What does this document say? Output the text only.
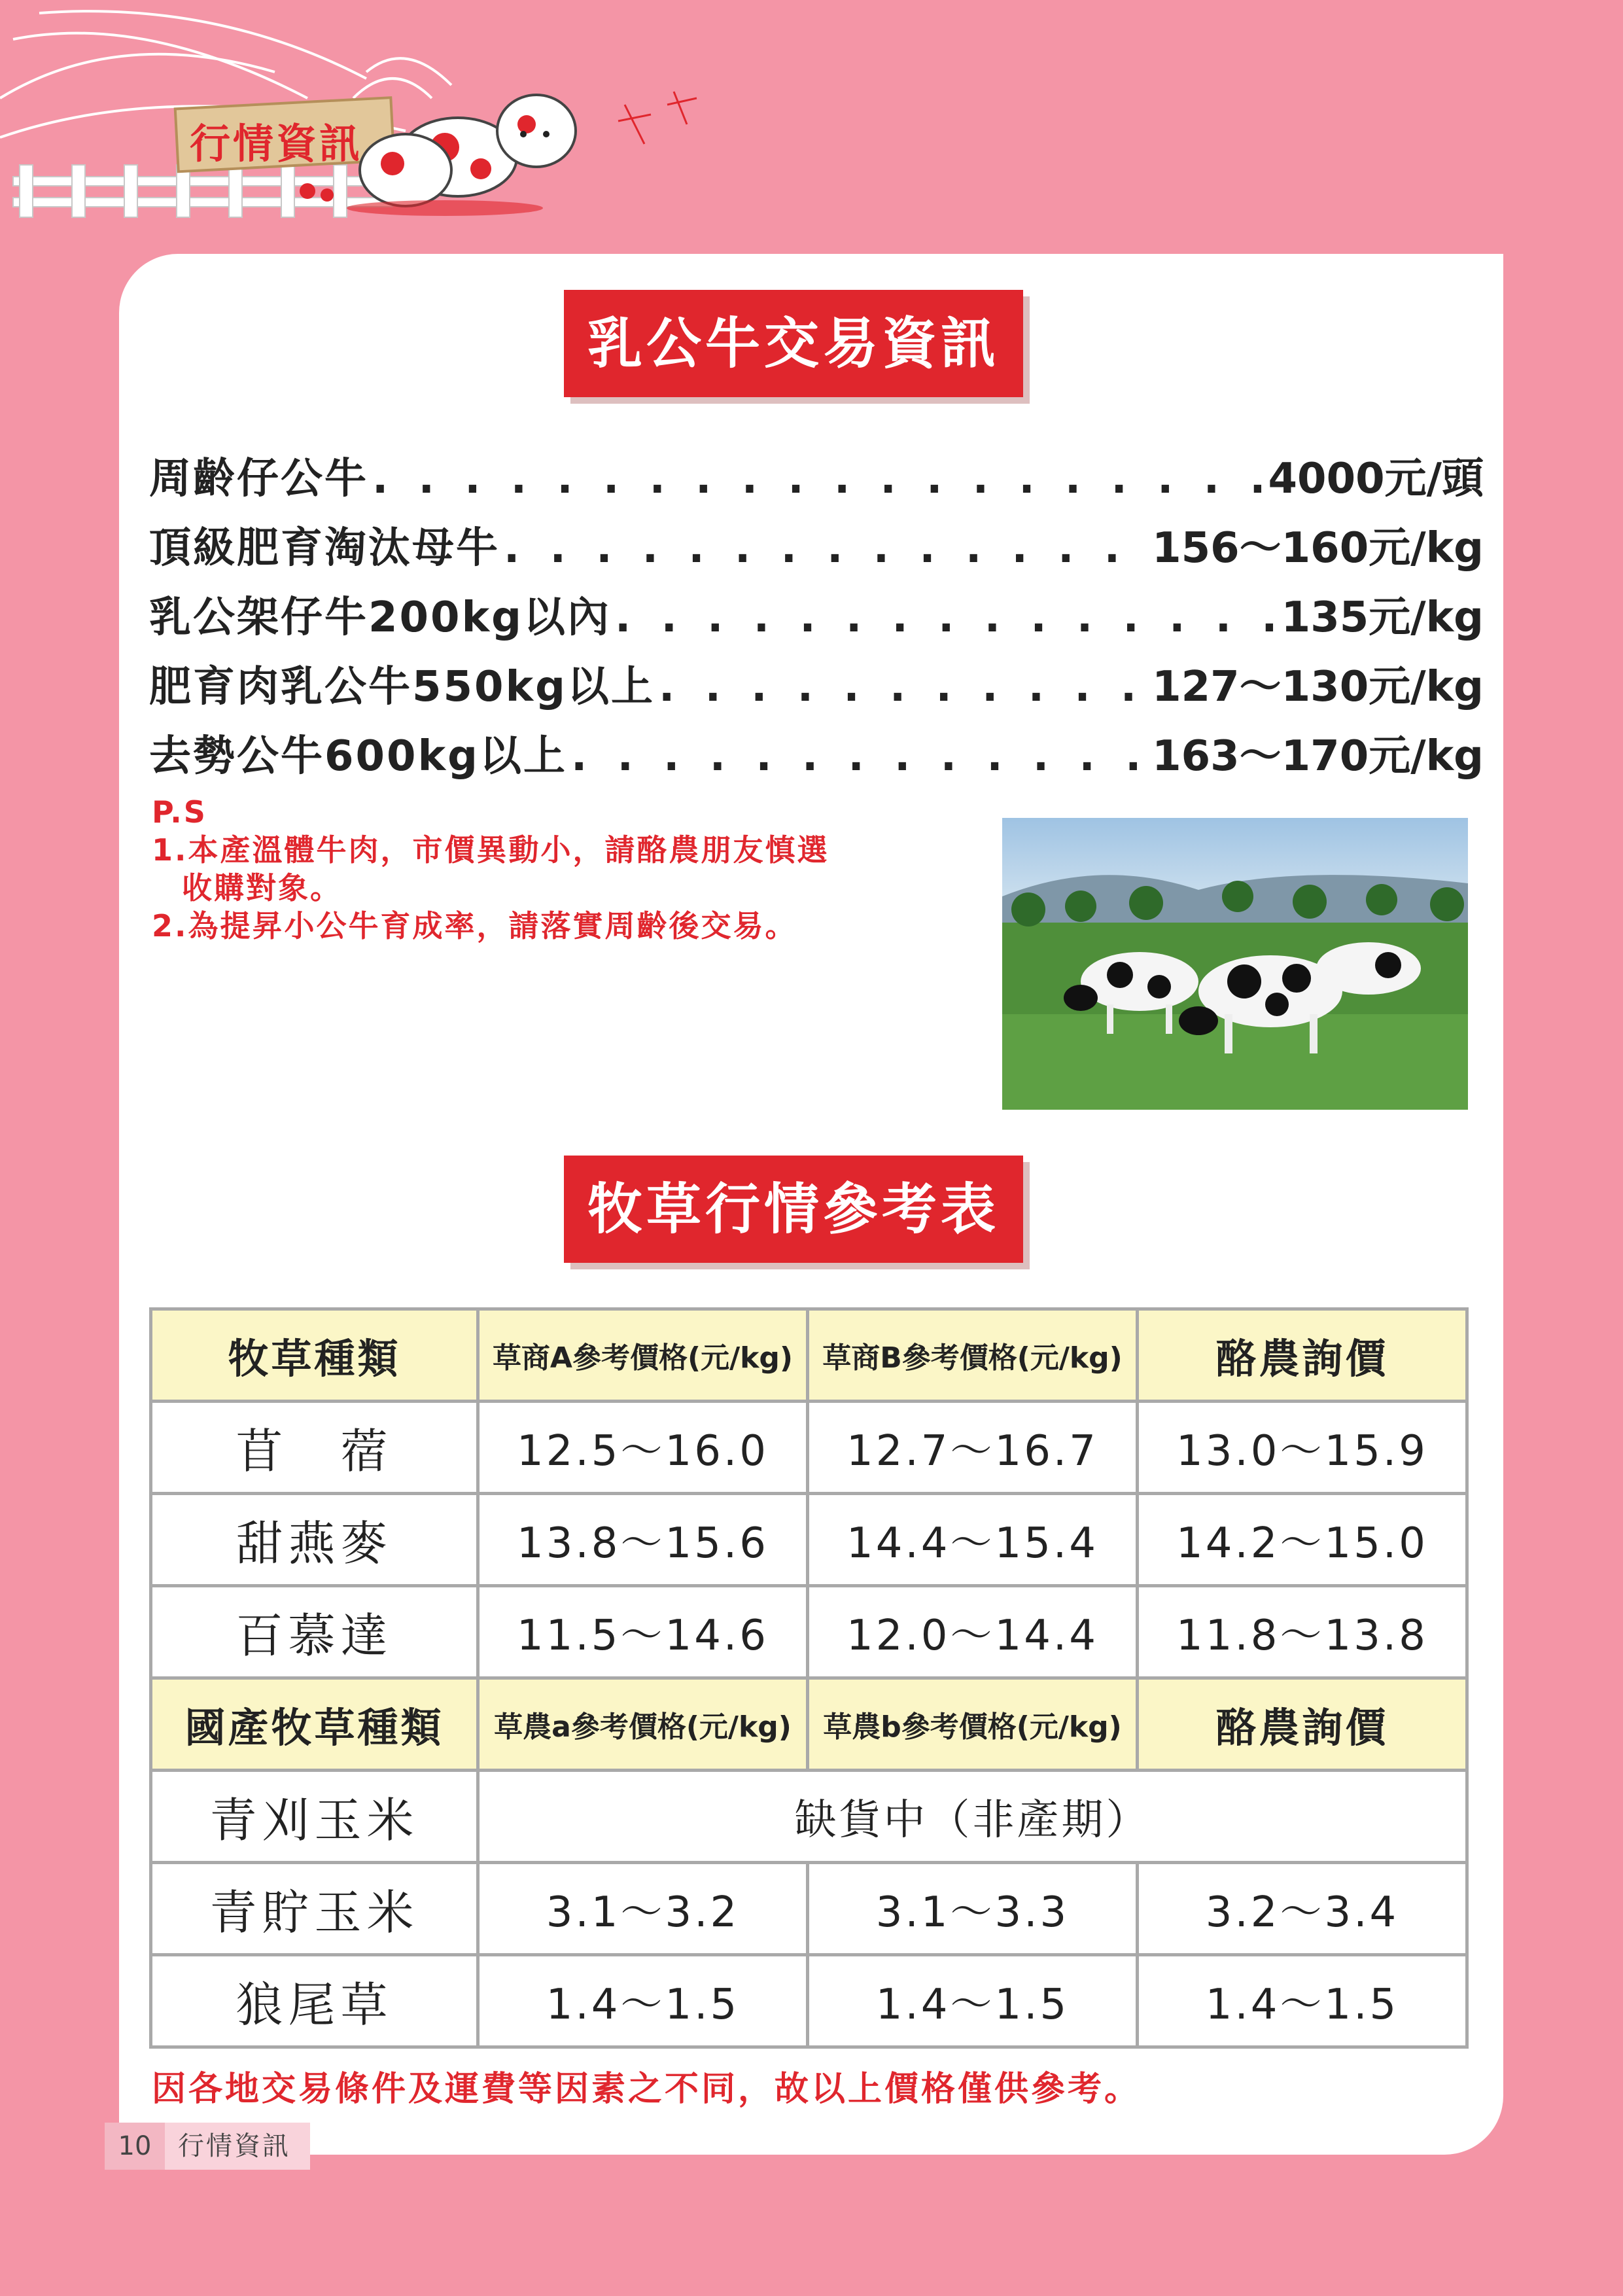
行情資訊
乳公牛交易資訊
周齡仔公牛 . . .	4000元/頭
頂級肥育淘汰母牛 . . .	156～160元/kg
乳公架仔牛200kg以內 . . .	135元/kg
肥育肉乳公牛550kg以上 . . .	127～130元/kg
去勢公牛600kg以上 . . .	163～170元/kg
P.S
1.本產溫體牛肉，市價異動小，請酪農朋友慎選
收購對象。
2.為提昇小公牛育成率，請落實周齡後交易。
牧草行情參考表
牧草種類	草商A參考價格(元/kg)	草商B參考價格(元/kg)	酪農詢價
苜　蓿	12.5～16.0	12.7～16.7	13.0～15.9
甜燕麥	13.8～15.6	14.4～15.4	14.2～15.0
百慕達	11.5～14.6	12.0～14.4	11.8～13.8
國產牧草種類	草農a參考價格(元/kg)	草農b參考價格(元/kg)	酪農詢價
青刈玉米	缺貨中（非產期）		
青貯玉米	3.1～3.2	3.1～3.3	3.2～3.4
狼尾草	1.4～1.5	1.4～1.5	1.4～1.5
因各地交易條件及運費等因素之不同，故以上價格僅供參考。
10	行情資訊
